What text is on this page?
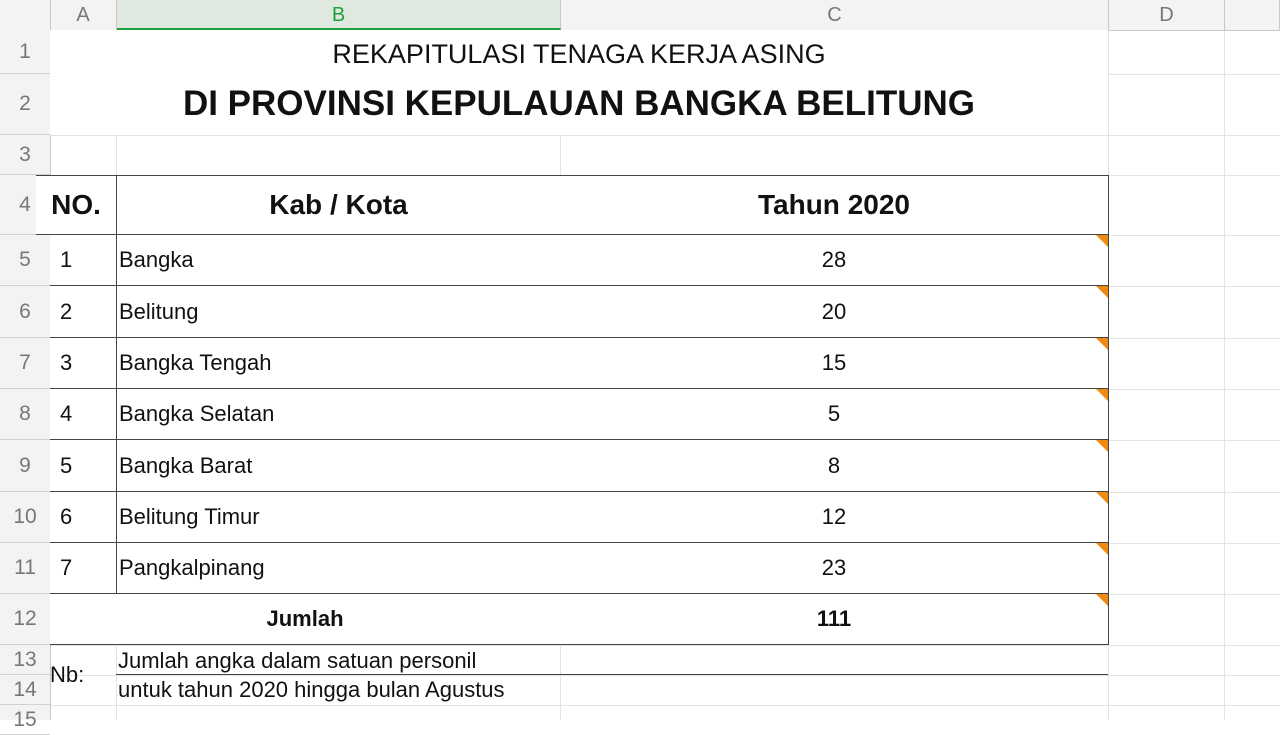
A	B	C	D
1
2
3
4
5
6
7
8
9
10
11
12
13
14
15
REKAPITULASI TENAGA KERJA ASING
DI PROVINSI KEPULAUAN BANGKA BELITUNG
NO.	Kab / Kota	Tahun 2020
1	Bangka	28
2	Belitung	20
3	Bangka Tengah	15
4	Bangka Selatan	5
5	Bangka Barat	8
6	Belitung Timur	12
7	Pangkalpinang	23
Jumlah	111
Nb:
Jumlah angka dalam satuan personil
untuk tahun 2020 hingga bulan Agustus
